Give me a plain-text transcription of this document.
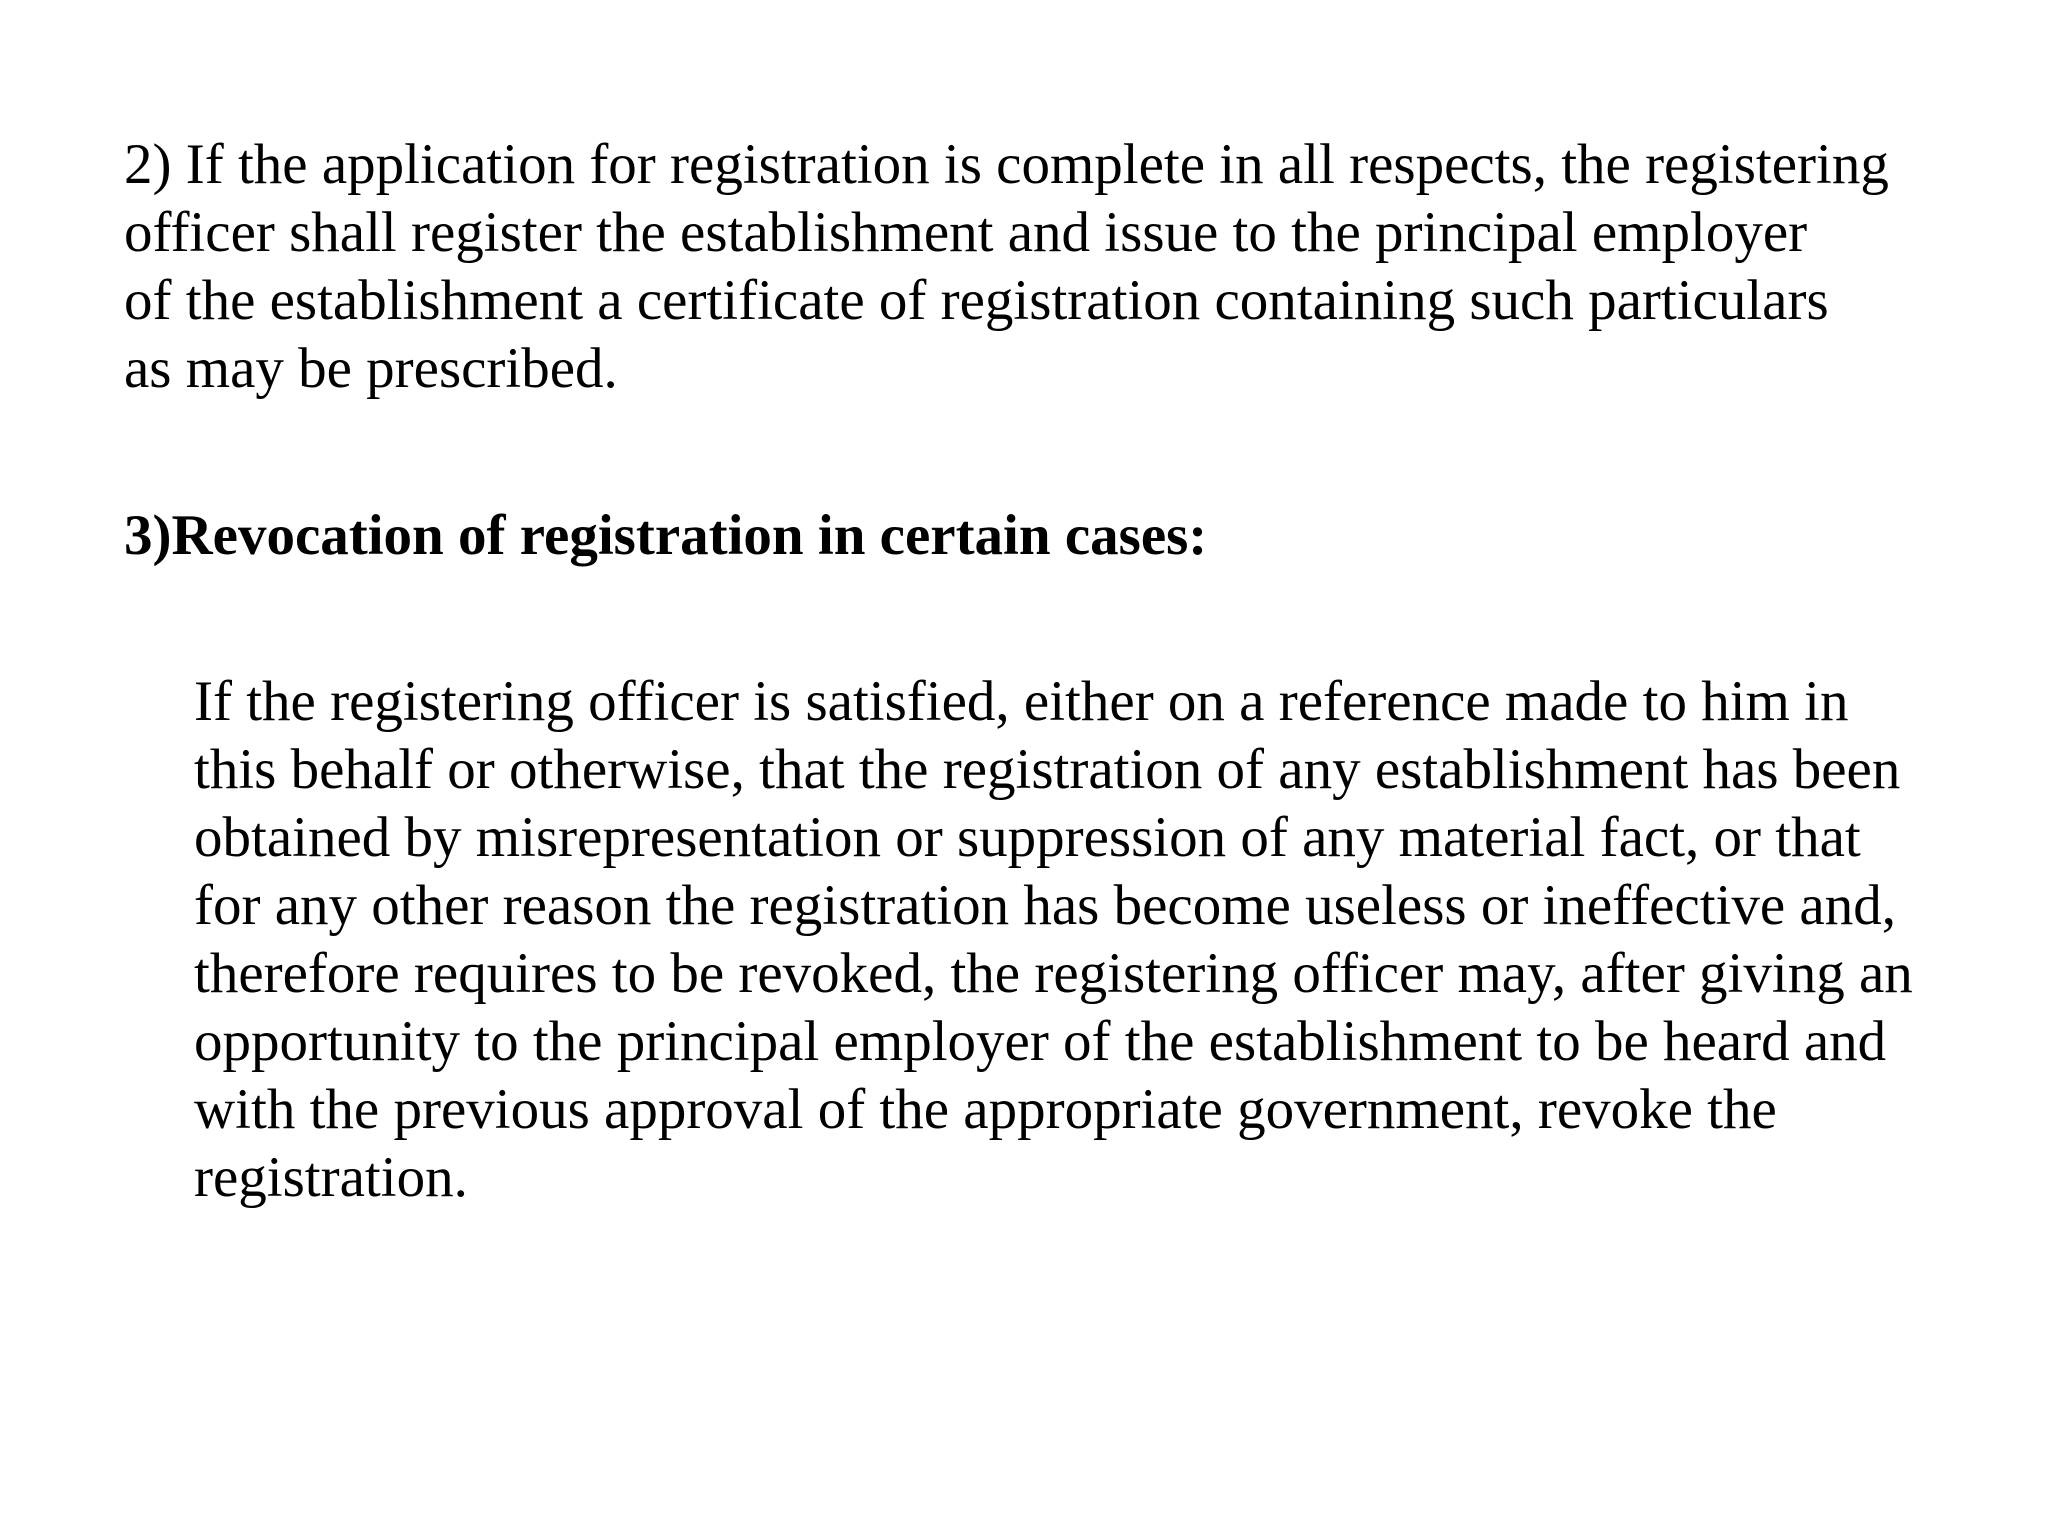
2) If the application for registration is complete in all respects, the registering
officer shall register the establishment and issue to the principal employer
of the establishment a certificate of registration containing such particulars
as may be prescribed.
3)Revocation of registration in certain cases:
If the registering officer is satisfied, either on a reference made to him in
this behalf or otherwise, that the registration of any establishment has been
obtained by misrepresentation or suppression of any material fact, or that
for any other reason the registration has become useless or ineffective and,
therefore requires to be revoked, the registering officer may, after giving an
opportunity to the principal employer of the establishment to be heard and
with the previous approval of the appropriate government, revoke the
registration.
